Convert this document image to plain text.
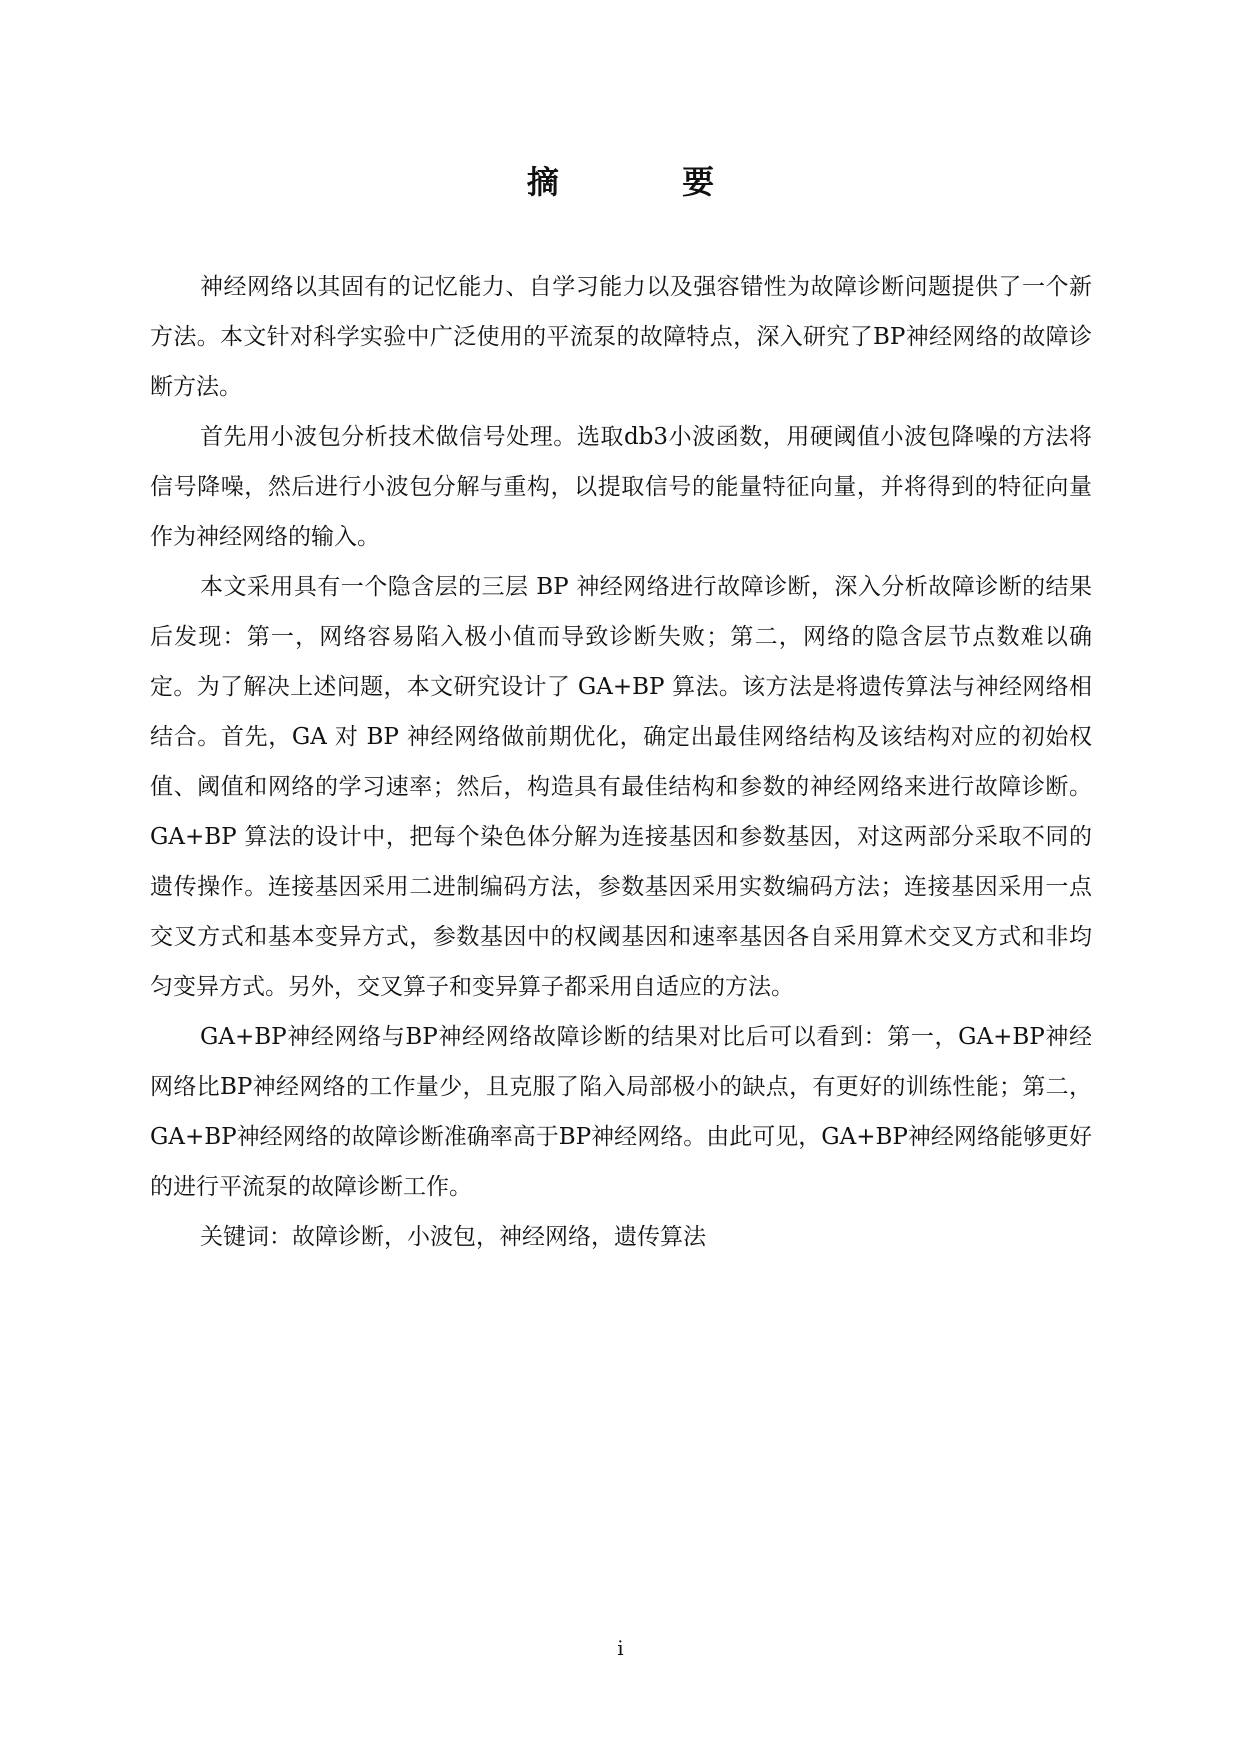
摘 要

神经网络以其固有的记忆能力、自学习能力以及强容错性为故障诊断问题提供了一个新方法。本文针对科学实验中广泛使用的平流泵的故障特点，深入研究了BP神经网络的故障诊断方法。

首先用小波包分析技术做信号处理。选取db3小波函数，用硬阈值小波包降噪的方法将信号降噪，然后进行小波包分解与重构，以提取信号的能量特征向量，并将得到的特征向量作为神经网络的输入。

本文采用具有一个隐含层的三层 BP 神经网络进行故障诊断，深入分析故障诊断的结果后发现：第一，网络容易陷入极小值而导致诊断失败；第二，网络的隐含层节点数难以确定。为了解决上述问题，本文研究设计了 GA+BP 算法。该方法是将遗传算法与神经网络相结合。首先，GA 对 BP 神经网络做前期优化，确定出最佳网络结构及该结构对应的初始权值、阈值和网络的学习速率；然后，构造具有最佳结构和参数的神经网络来进行故障诊断。GA+BP 算法的设计中，把每个染色体分解为连接基因和参数基因，对这两部分采取不同的遗传操作。连接基因采用二进制编码方法，参数基因采用实数编码方法；连接基因采用一点交叉方式和基本变异方式，参数基因中的权阈基因和速率基因各自采用算术交叉方式和非均匀变异方式。另外，交叉算子和变异算子都采用自适应的方法。

GA+BP神经网络与BP神经网络故障诊断的结果对比后可以看到：第一，GA+BP神经网络比BP神经网络的工作量少，且克服了陷入局部极小的缺点，有更好的训练性能；第二，GA+BP神经网络的故障诊断准确率高于BP神经网络。由此可见，GA+BP神经网络能够更好的进行平流泵的故障诊断工作。

关键词：故障诊断，小波包，神经网络，遗传算法

i
